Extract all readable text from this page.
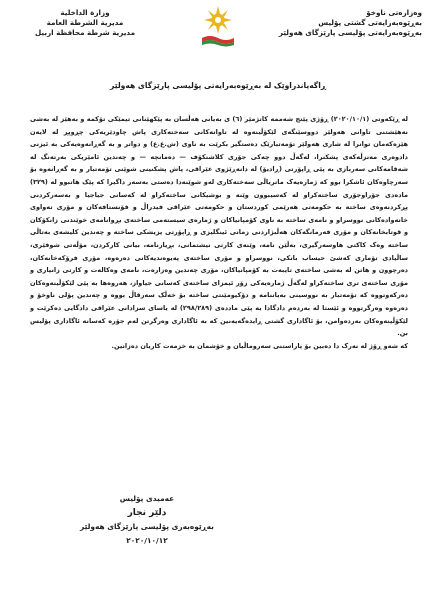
وەزارەتی ناوخۆ
بەڕێوەبەرایەتی گشتی پۆلیس
بەڕێوەبەرایەتی پۆلیسی پارێزگای هەولێر
وزارة الداخلية
مديرية الشرطة العامة
مديرية شرطة محافظة اربيل
ڕاگەیاندراوێک لە بەڕێوەبەرایەتی پۆلیسی پارێزگای هەولێر

لە ڕێکەوتی (٢٠٢٠/١٠/١) ڕۆژی پێنج شەممە کاتژمێر (٦) ی بەیانی هەڵسان بە پێکهێنانی تیمێکی تۆکمە و بەهێز لە بەشی نەهێشتنی تاوانی هەولێر دووسێنگەی لێکۆڵینەوە لە تاوانەکانی سەختەکاری پاش چاودێریەکی چڕوپڕ لە لایەن هێزەکەمان توانرا لە شاری هەولێر تۆمەتبارێک دەستگیر بکرێت بە ناوی (ش.ع.ع) و دواتر و بە گەڕانەوەیەکی بە ئیزنی دادوەری مەنزڵەکەی پشکنرا، لەگەڵ دوو چەکی جۆری کلاشنکۆف — دەمانچە — و چەندین ئامێریکی بەرتەنگ لە شەقامەکانی سەربازی بە پێی ڕاپۆرتی (ڕادیۆ) لە دانەڕێژوی عێراقی، پاش پشکنینی شوێنی تۆمەتبار و بە گەڕانەوە بۆ سەرچاوەکان ئاشکرا بوو کە ژمارەیەک ماتریاڵی سەختەکاری لەو شوێنەدا دەستی بەسەر داگیرا کە پێک هاتبوو لە (٣٢٩) مادەدی جۆراوجۆری ساختەکراو لە کەسیبوون وێنە و بوشیکانی ساختەکراو لە کەسانی جیاجیا و بەسەرکردنی پڕکردنەوەی ساختە بە حکومەتی هەرێمی کوردستان و حکومەتی عێراقی فیدراڵ و فۆنستافەکان و مۆری تەواوی خانەوادەکانی نووسراو و نامەی ساختە بە ناوی کۆمپانیاکان و ژمارەی سیستەمی ساختەی بڕوانامەی خوێندنی زانکۆکان و قوتابخانەکان و مۆری فەرمانگەکان هەڵبژاردنی زمانی ئینگلیزی و ڕاپۆرتی پزیشکی ساختە و چەندین کلیشەی بەتاڵی ساختە وەک کاکتی هاوسەرگیری، بەڵێن نامە، وێنەی کارتی نیشتمانی، بڕیارنامە، بیانی کارکردن، مۆڵەتی شوفێری، ساڵیادی تۆماری کەشێ حیساب بانکی، نووسراو و مۆری ساختەی پەیوەندیەکانی دەرەوە، مۆری فرۆکەخانەکان، دەرچوون و هاتن لە بەشی ساختەی تایبەت بە کۆمپانیاکان، مۆری چەندین وەزارەت، نامەی وەکالەت و کارتی زانیاری و مۆری ساختەی تری ساختەکراو لەگەڵ ژمارەیەکی زۆر ئیمزای ساختەی کەسانی جیاواز، هەروەها بە پێی لێکۆڵینەوەکان دەرکەوتووە کە تۆمەتبار بە نووسینی بەیاننامە و دۆکیومێنتی ساختە بۆ خەڵک سەرقاڵ بووە و چەندین پۆلی ناوخۆ و دەرەوە وەرگرتووە و ئێستا لە بەردەم دادگادا بە پێی ماددەی (٢٩٨/٢٨٩) لە یاسای سزادانی عێراقی دادگایی دەکرێت و لێکۆڵینەوەکان بەردەوامن، بۆ ئاگاداری گشتی ڕایدەگەیەنین کە بە ئاگاداری وەرگرتن لەم جۆرە کەسانە ئاگاداری پۆلیس بن.

کە شەو ڕۆژ لە نەرک دا دەبین بۆ پاراستنی سەروماڵیان و خۆشمان بە خزمەت کاریان دەزانین.

عەمیدی پۆلیس
دلێر نجار
بەڕێوەبەری پۆلیسی پارێزگای هەولێر
٢٠٢٠/١٠/١٢
